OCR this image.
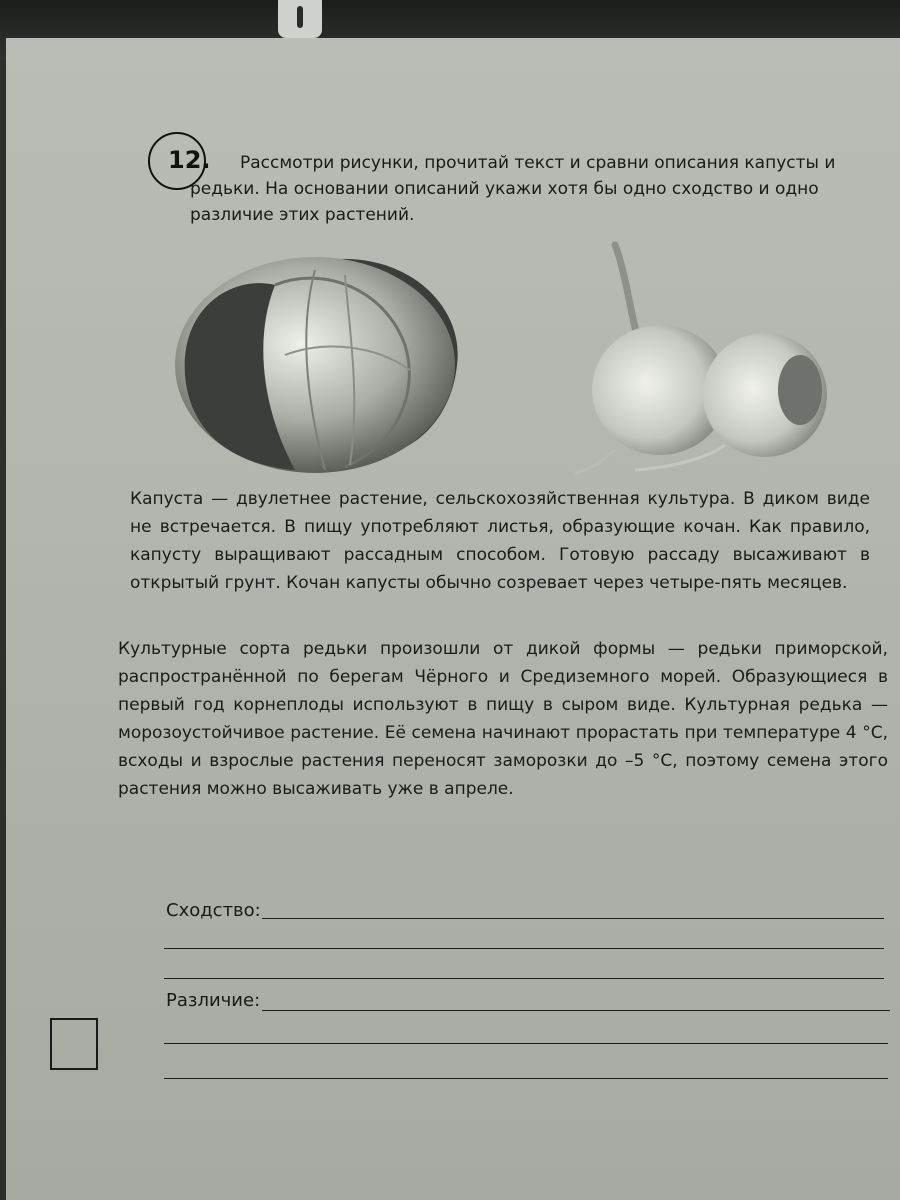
12.	Рассмотри рисунки, прочитай текст и сравни описания капусты и редьки. На основании описаний укажи хотя бы одно сходство и одно различие этих растений.
Капуста — двулетнее растение, сельскохозяйственная культура. В диком виде не встречается. В пищу употребляют листья, образующие кочан. Как правило, капусту выращивают рассадным способом. Готовую рассаду высаживают в открытый грунт. Кочан капусты обычно созревает через четыре-пять месяцев.
Культурные сорта редьки произошли от дикой формы — редьки приморской, распространённой по берегам Чёрного и Средиземного морей. Образующиеся в первый год корнеплоды используют в пищу в сыром виде. Культурная редька — морозоустойчивое растение. Её семена начинают прорастать при температуре 4 °С, всходы и взрослые растения переносят заморозки до –5 °С, поэтому семена этого растения можно высаживать уже в апреле.
Сходство:
Различие:
